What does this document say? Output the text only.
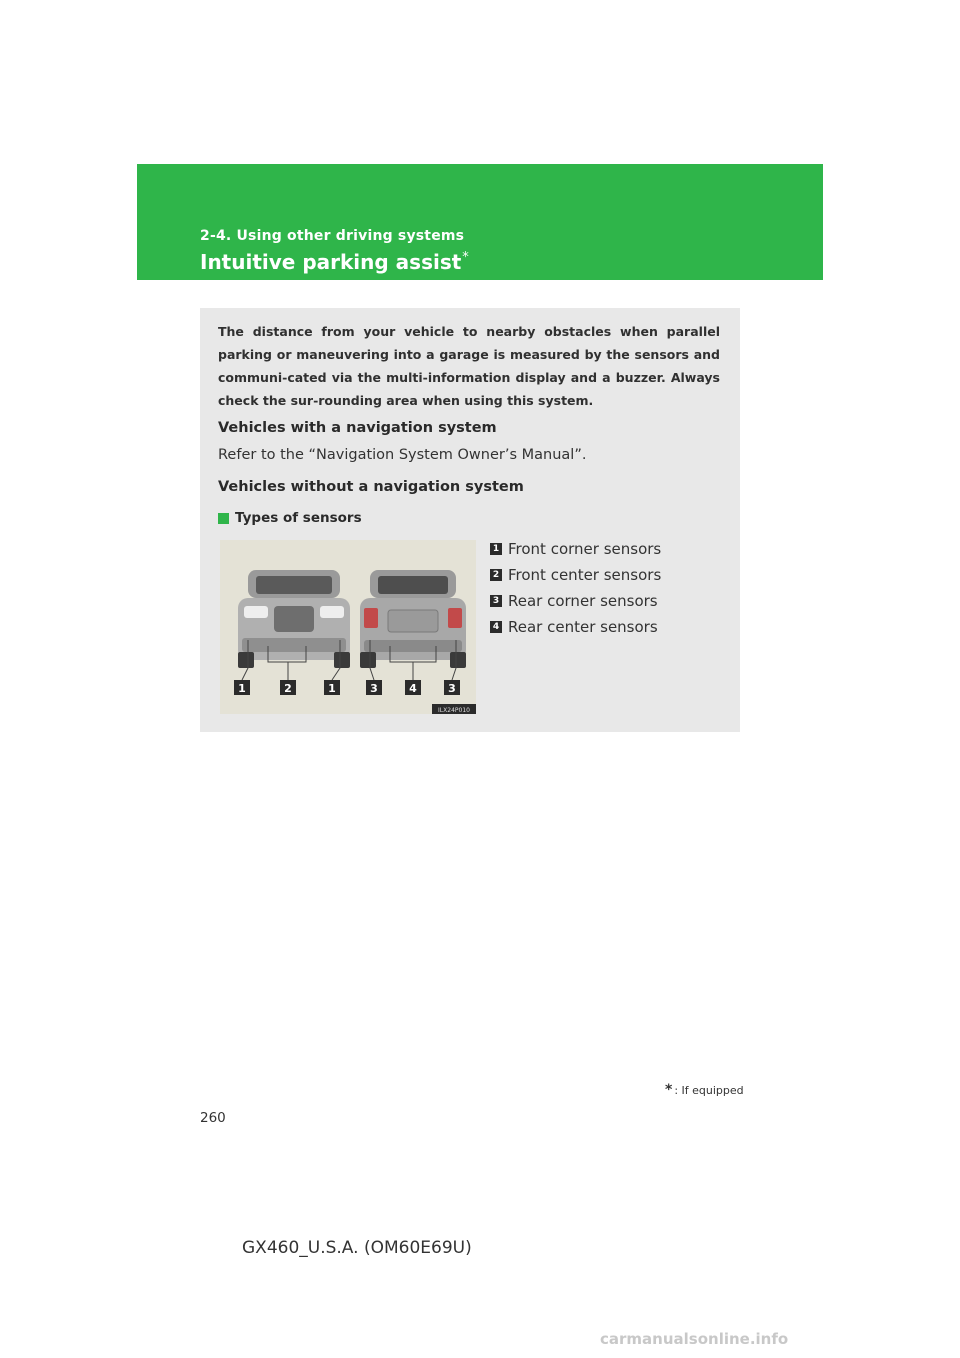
2-4. Using other driving systems
Intuitive parking assist*
The distance from your vehicle to nearby obstacles when parallel parking or maneuvering into a garage is measured by the sensors and communi-cated via the multi-information display and a buzzer. Always check the sur-rounding area when using this system.
Vehicles with a navigation system
Refer to the “Navigation System Owner’s Manual”.
Vehicles without a navigation system
Types of sensors
1	2	1	3	4	3
ILX24P010
1 Front corner sensors
2 Front center sensors
3 Rear corner sensors
4 Rear center sensors
* : If equipped
260
GX460_U.S.A. (OM60E69U)
carmanualsonline.info
